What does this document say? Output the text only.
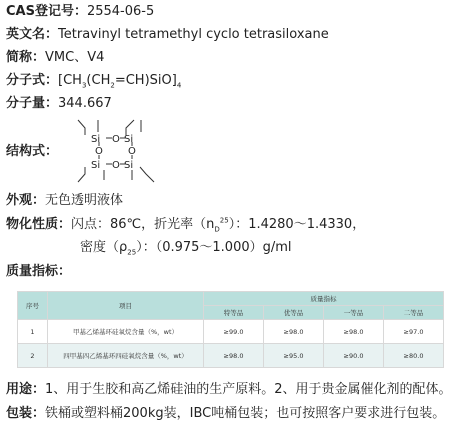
CAS登记号：2554-06-5
英文名：Tetravinyl tetramethyl cyclo tetrasiloxane
简称：VMC、V4
分子式：$[CH_3(CH_2=CH)SiO]_4$
分子量：344.667
结构式：
Si Si
O
O	O
Si Si
O
外观：无色透明液体
物化性质：闪点：86℃，折光率$(n_D^{25})$：1.4280～1.4330，
密度$(\rho_{25})$：（0.975～1.000）g/ml
质量指标：
序号	项目	质量指标			
		特等品	优等品	一等品	二等品
1	甲基乙烯基环硅氧烷含量（%，wt）	≥99.0	≥98.0	≥98.0	≥97.0
2	四甲基四乙烯基环四硅氧烷含量（%，wt）	≥98.0	≥95.0	≥90.0	≥80.0
用途：1、用于生胶和高乙烯硅油的生产原料。2、用于贵金属催化剂的配体。
包装：铁桶或塑料桶200kg装，IBC吨桶包装；也可按照客户要求进行包装。
